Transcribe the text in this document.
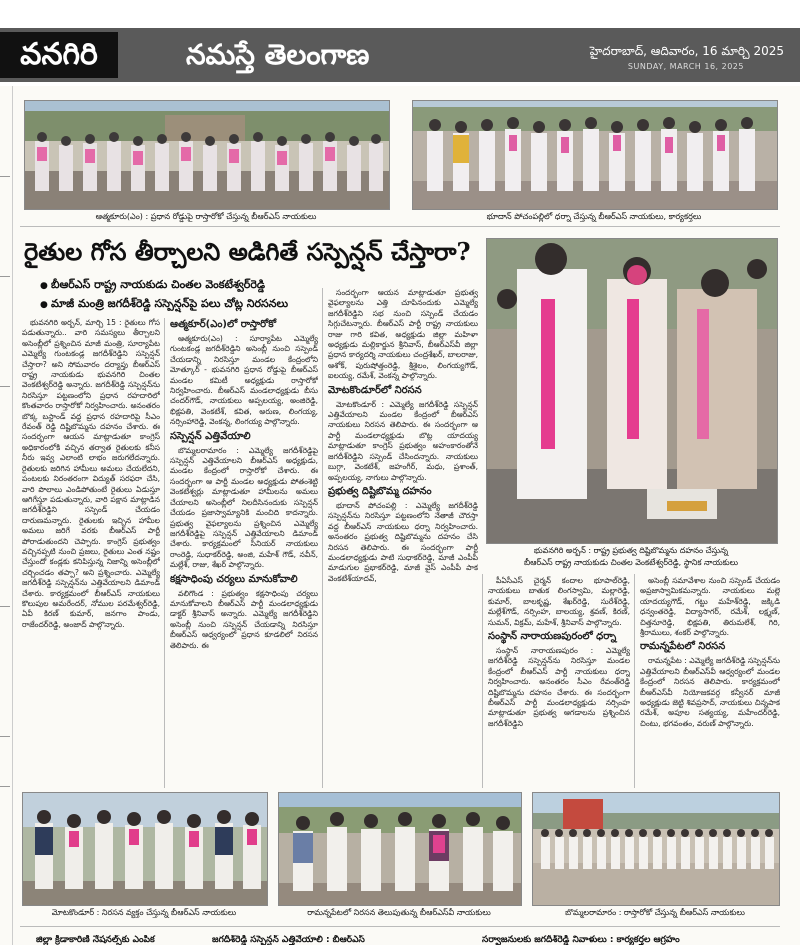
వనగిరి	నమస్తే తెలంగాణ	హైదరాబాద్, ఆదివారం, 16 మార్చి 2025
SUNDAY, MARCH 16, 2025
ఆత్మకూరు(ఎం) : ప్రధాన రోడ్డుపై రాస్తారోకో చేస్తున్న బీఆర్ఎస్ నాయకులు	భూదాన్ పోచంపల్లిలో ధర్నా చేస్తున్న బీఆర్ఎస్ నాయకులు, కార్యకర్తలు
రైతుల గోస తీర్చాలని అడిగితే సస్పెన్షన్ చేస్తారా?
● బీఆర్ఎస్ రాష్ట్ర నాయకుడు చింతల వెంకటేశ్వర్‌రెడ్డి
● మాజీ మంత్రి జగదీశ్‌రెడ్డి సస్పెన్షన్‌పై పలు చోట్ల నిరసనలు
భువనగిరి అర్బన్ : రాష్ట్ర ప్రభుత్వ దిష్టిబొమ్మను దహనం చేస్తున్న
బీఆర్ఎస్ రాష్ట్ర నాయకుడు చింతల వెంకటేశ్వర్‌రెడ్డి, స్థానిక నాయకులు

భువనగిరి అర్బన్, మార్చి 15 : రైతులు గోస పడుతున్నారు.. వారి సమస్యలు తీర్చాలని అసెంబ్లీలో ప్రశ్నించిన మాజీ మంత్రి, సూర్యాపేట ఎమ్మెల్యే గుంటకండ్ల జగదీశ్‌రెడ్డిని సస్పెన్షన్ చేస్తారా? అని సోమవారం దర్యాప్తు బీఆర్ఎస్ రాష్ట్ర నాయకుడు భువనగిరి చింతల వెంకటేశ్వర్‌రెడ్డి అన్నారు. జగదీశ్‌రెడ్డి సస్పెన్షన్‌ను నిరసిస్తూ పట్టణంలోని ప్రధాన రహదారిలో కొంతవారం రాస్తారోకో నిర్వహించారు. అనంతరం బొక్క బస్టాండ్ వద్ద ప్రధాన రహదారిపై సీఎం రేవంత్ రెడ్డి దిష్టిబొమ్మను దహనం చేశారు. ఈ సందర్భంగా ఆయన మాట్లాడుతూ కాంగ్రెస్ అధికారంలోకి వచ్చిన తర్వాత రైతులకు కనీస నీరు ఇవ్వ ఎలాంటి లాభం జరుగలేదన్నారు. రైతులకు జరిగిన హామీలు అమలు చేయలేదని, పంటలకు నిరంతరంగా విద్యుత్ సరఫరా చేసి, వారి పొలాలు ఎండిపోతుంటే రైతులు ఏడుస్తూ ఆగిగేస్తూ పడుతున్నారు, వారి పక్షాన మాట్లాడిన జగదీశ్‌రెడ్డిని సస్పెండ్ చేయడం దారుణమన్నారు. రైతులకు ఇచ్చిన హామీల అమలు జరిగే వరకు బీఆర్ఎస్ పార్టీ పోరాడుతుందని చెప్పారు. కాంగ్రెస్ ప్రభుత్వం వచ్చినప్పటి నుంచి ప్రజలు, రైతులు ఎంత నష్టం చేస్తుందో కండ్లకు కనిపిస్తున్న నిజాన్ని అసెంబ్లీలో చర్చించడం తప్పా? అని ప్రశ్నించారు. ఎమ్మెల్యే జగదీశ్‌రెడ్డి సస్పెన్షన్‌ను ఎత్తివేయాలని డిమాండ్ చేశారు. కార్యక్రమంలో బీఆర్ఎస్ నాయకులు కొలుపుల అమరేందర్, నోముల పరమేశ్వర్‌రెడ్డి, ఏవీ కిరణ్ కుమార్, జనగాం పాండు, రాజేందర్‌రెడ్డి, అంజాద్ పాల్గొన్నారు.

ఆత్మకూర్(ఎం)లో రాస్తారోకో

ఆత్మకూరు(ఎం) : సూర్యాపేట ఎమ్మెల్యే గుంటకండ్ల జగదీశ్‌రెడ్డిని అసెంబ్లీ నుంచి సస్పెండ్ చేయడాన్ని నిరసిస్తూ మండల కేంద్రంలోని మోత్కూర్ - భువనగిరి ప్రధాన రోడ్డుపై బీఆర్ఎస్ మండల కమిటీ అధ్యక్షుడు రాస్తారోకో నిర్వహించారు. బీఆర్ఎస్ మండలాధ్యక్షుడు బీసు చందర్‌గౌడ్, నాయకులు అప్పలయ్య, అంజిరెడ్డి, భిక్షపతి, వెంకటేశ్, కవిత, అరుణ, లింగయ్య, నర్సింహారెడ్డి, వెంకన్న, లింగయ్య పాల్గొన్నారు.

సస్పెన్షన్ ఎత్తివేయాలి

బొమ్మలరామారం : ఎమ్మెల్యే జగదీశ్‌రెడ్డిపై సస్పెన్షన్ ఎత్తివేయాలని బీఆర్ఎస్ అధ్యక్షుడు, మండల కేంద్రంలో రాస్తారోకో చేశారు. ఈ సందర్భంగా ఆ పార్టీ మండల అధ్యక్షుడు పోతంశెట్టి వెంకటేశ్వర్లు మాట్లాడుతూ హామీలను అమలు చేయాలని అసెంబ్లీలో నిలదీసినందుకు సస్పెన్షన్ చేయడం ప్రజాస్వామ్యానికి మంచిది కాదన్నారు. ప్రభుత్వ వైఫల్యాలను ప్రశ్నించిన ఎమ్మెల్యే జగదీశ్‌రెడ్డిపై సస్పెన్షన్ ఎత్తివేయాలని డిమాండ్ చేశారు. కార్యక్రమంలో సీనియర్ నాయకులు రాంరెడ్డి, సుధాకర్‌రెడ్డి, అంజి, మహేశ్ గౌడ్, నవీన్, మల్లేశ్, రాజు, శేఖర్ పాల్గొన్నారు.

కక్షసాధింపు చర్యలు మానుకోవాలి

వలిగొండ : ప్రభుత్వం కక్షసాధింపు చర్యలు మానుకోవాలని బీఆర్ఎస్ పార్టీ మండలాధ్యక్షుడు డాక్టర్ శ్రీనివాస్ అన్నారు. ఎమ్మెల్యే జగదీశ్‌రెడ్డిని అసెంబ్లీ నుంచి సస్పెన్షన్ చేయడాన్ని నిరసిస్తూ బీఆర్ఎస్ ఆధ్వర్యంలో ప్రధాన కూడలిలో నిరసన తెలిపారు. ఈ

సందర్భంగా ఆయన మాట్లాడుతూ ప్రభుత్వ వైఫల్యాలను ఎత్తి చూపినందుకు ఎమ్మెల్యే జగదీశ్‌రెడ్డిని సభ నుంచి సస్పెండ్ చేయడం సిగ్గుచేటన్నారు. బీఆర్ఎస్ పార్టీ రాష్ట్ర నాయకులు రాజు గారి కవిత, అధ్యక్షుడు జిల్లా మహిళా అధ్యక్షుడు మల్లికార్జున శ్రీనివాస్, బీఆర్ఎస్‌వీ జిల్లా ప్రధాన కార్యదర్శి నాయకులు చంద్రశేఖర్, బాలరాజు, ఆశోక్, పురుషోత్తంరెడ్డి, శ్రీశైలం, లింగయ్యగౌడ్, ఐలయ్య, రమేశ్, వెంకన్న పాల్గొన్నారు.

మోటకొండూర్‌లో నిరసన

మోటకొండూర్ : ఎమ్మెల్యే జగదీశ్‌రెడ్డి సస్పెన్షన్ ఎత్తివేయాలని మండల కేంద్రంలో బీఆర్ఎస్ నాయకులు నిరసన తెలిపారు. ఈ సందర్భంగా ఆ పార్టీ మండలాధ్యక్షుడు బొట్ల యాదయ్య మాట్లాడుతూ కాంగ్రెస్ ప్రభుత్వం అహంకారంతోనే జగదీశ్‌రెడ్డిని సస్పెండ్ చేసిందన్నారు. నాయకులు బుగ్గా, వెంకటేశ్, జహంగీర్, మధు, ప్రశాంత్, అప్పలయ్య, నాగులు పాల్గొన్నారు.

ప్రభుత్వ దిష్టిబొమ్మ దహనం

భూదాన్ పోచంపల్లి : ఎమ్మెల్యే జగదీశ్‌రెడ్డి సస్పెన్షన్‌ను నిరసిస్తూ పట్టణంలోని నేతాజీ చౌరస్తా వద్ద బీఆర్ఎస్ నాయకులు ధర్నా నిర్వహించారు. అనంతరం ప్రభుత్వ దిష్టిబొమ్మను దహనం చేసి నిరసన తెలిపారు. ఈ సందర్భంగా పార్టీ మండలాధ్యక్షుడు పాటి సుధాకర్‌రెడ్డి, మాజీ ఎంపీపీ మాడుగుల ప్రభాకర్‌రెడ్డి, మాజీ వైస్ ఎంపీపీ పాక వెంకటేశ్‌యాదవ్,	పీఏసీఎస్ చైర్మన్ కందాల భూపాల్‌రెడ్డి, నాయకులు బాతుక లింగస్వామి, మల్లారెడ్డి, కుమార్, బాలకృష్ణ, శేఖర్‌రెడ్డి, సురేశ్‌రెడ్డి, మల్లేశ్‌గౌడ్, నర్సింహ, బాలయ్య, శ్రవణ్, కిరణ్, సుమన్, విక్రమ్, మహేశ్, శ్రీనివాస్ పాల్గొన్నారు.

సంస్థాన్ నారాయణపురంలో ధర్నా

సంస్థాన్ నారాయణపురం : ఎమ్మెల్యే జగదీశ్‌రెడ్డి సస్పెన్షన్‌ను నిరసిస్తూ మండల కేంద్రంలో బీఆర్ఎస్ పార్టీ నాయకులు ధర్నా నిర్వహించారు. అనంతరం సీఎం రేవంత్‌రెడ్డి దిష్టిబొమ్మను దహనం చేశారు. ఈ సందర్భంగా బీఆర్ఎస్ పార్టీ మండలాధ్యక్షుడు నర్సింహ మాట్లాడుతూ ప్రభుత్వ ఆగడాలను ప్రశ్నించిన జగదీశ్‌రెడ్డిని

అసెంబ్లీ సమావేశాల నుంచి సస్పెండ్ చేయడం అప్రజాస్వామికమన్నారు. నాయకులు మల్లె యాదయ్యగౌడ్, గట్టు మహేశ్‌రెడ్డి, జక్కిడి ధన్వంతరెడ్డి, విద్యాసాగర్, రమేశ్, లక్ష్మణ్, చిత్తనూరెడ్డి, భిక్షపతి, తిరుమలేశ్, గిరి, శ్రీరాములు, శంకర్ పాల్గొన్నారు.

రామన్నపేటలో నిరసన

రామన్నపేట : ఎమ్మెల్యే జగదీశ్‌రెడ్డి సస్పెన్షన్‌ను ఎత్తివేయాలని బీఆర్ఎస్‌వీ ఆధ్వర్యంలో మండల కేంద్రంలో నిరసన తెలిపారు. కార్యక్రమంలో బీఆర్ఎస్‌వీ నియోజకవర్గ కన్వీనర్ మాజీ అధ్యక్షుడు జెట్టి శివప్రసాద్, నాయకులు చిన్నపాక రమేశ్, అపూల సత్యయ్య, మహేందర్‌రెడ్డి, చింటు, భగవంతం, వరుణ్ పాల్గొన్నారు.

మోటకొండూర్ : నిరసన వ్యక్తం చేస్తున్న బీఆర్ఎస్ నాయకులు	రామన్నపేటలో నిరసన తెలుపుతున్న బీఆర్ఎస్‌వీ నాయకులు	బొమ్మలరామారం : రాస్తారోకో చేస్తున్న బీఆర్ఎస్ నాయకులు
జిల్లా క్రీడాకారిణి నేషనల్స్‌కు ఎంపిక	జగదీశ్‌రెడ్డి సస్పెన్షన్ ఎత్తివేయాలి : బీఆర్ఎస్	సర్వాజనులకు జగదీశ్‌రెడ్డి నివాళులు : కార్యకర్తల ఆగ్రహం
